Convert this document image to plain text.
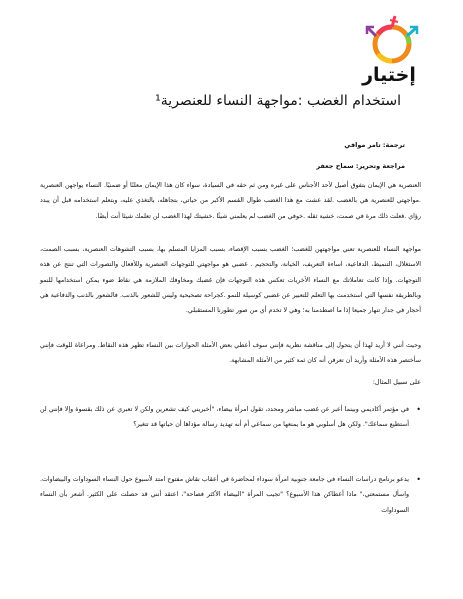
إختيار
استخدام الغضب :مواجهة النساء للعنصرية¹
ترجمة: تامر موافي
مراجعة وتحرير: سماح جعفر
العنصرية هي الإيمان بتفوق أصيل لأحد الأجناس على غيره ومن ثم حقه في السيادة، سواء كان هذا الإيمان معلنًا أو ضمنيًا. النساء يواجهن العنصرية .مواجهتي للعنصرية هي بالغضب .لقد عشت مع هذا الغضب طوال القسم الأكبر من حياتي، بتجاهله، بالتغذي عليه، وبتعلم استخدامه قبل أن يبدد رؤاي .فعلت ذلك مرة في صمت، خشية ثقله .خوفي من الغضب لم يعلمني شيئًا .خشيتك لهذا الغضب لن تعلمك شيئا أنت أيضًا.
مواجهة النساء للعنصرية تعني مواجهتهن للغضب؛ الغضب بسبب الإقصاء، بسبب المزايا المسلم بها، بسبب التشوهات العنصرية، بسبب الصمت، الاستغلال، التنميط، الدفاعية، اساءة التعريف، الخيانة، والتحجيم . غضبي هو مواجهتي للتوجهات العنصرية وللأفعال والتصورات التي تنتج عن هذه التوجهات. وإذا كانت تعاملاتك مع النساء الأخريات تعكس هذه التوجهات فإن غضبك ومخاوفك الملازمة هي نقاط ضوء يمكن استخدامها للنمو وبالطريقة نفسها التي استخدمت بها التعلم للتعبير عن غضبي كوسيلة للنمو .كجراحة تصحيحية وليس للشعور بالذنب. فالشعور بالذنب والدفاعية هي أحجار في جدار تنهار جميعا إذا ما اصطدمنا به؛ وهي لا تخدم أي من صور تطورنا المستقبلي.
وحيث أنني لا أريد لهذا أن يتحول إلى مناقشة نظرية فإنني سوف أعطي بعض الأمثلة الحوارات بين النساء تظهر هذه النقاط. ومراعاة للوقت فإنني سأختصر هذه الأمثلة وأريد أن تعرفن أنه كان ثمة كثير من الأمثلة المشابهة.
على سبيل المثال:
•
في مؤتمر أكاديمي وبينما أعبر عن غضب مباشر ومحدد، تقول امرأة بيضاء، "أخبريني كيف تشعرين ولكن لا تعبري عن ذلك بقسوة وإلا فإنني لن أستطيع سماعك". ولكن هل أسلوبي هو ما يمنعها من سماعي أم أنه تهديد رسالة مؤداها أن حياتها قد تتغير؟
•
يدعو برنامج دراسات النساء في جامعة جنوبية امرأة سوداء لمحاضرة في أعقاب نقاش مفتوح امتد لأسبوع حول النساء السوداوات والبيضاوات. واسأل مستمعتي،" ماذا أعطاكن هذا الأسبوع؟ "تجيب المرأة "البيضاء الأكثر فصاحة"، اعتقد أنني قد حصلت على الكثير. أشعر بأن النساء السوداوات
